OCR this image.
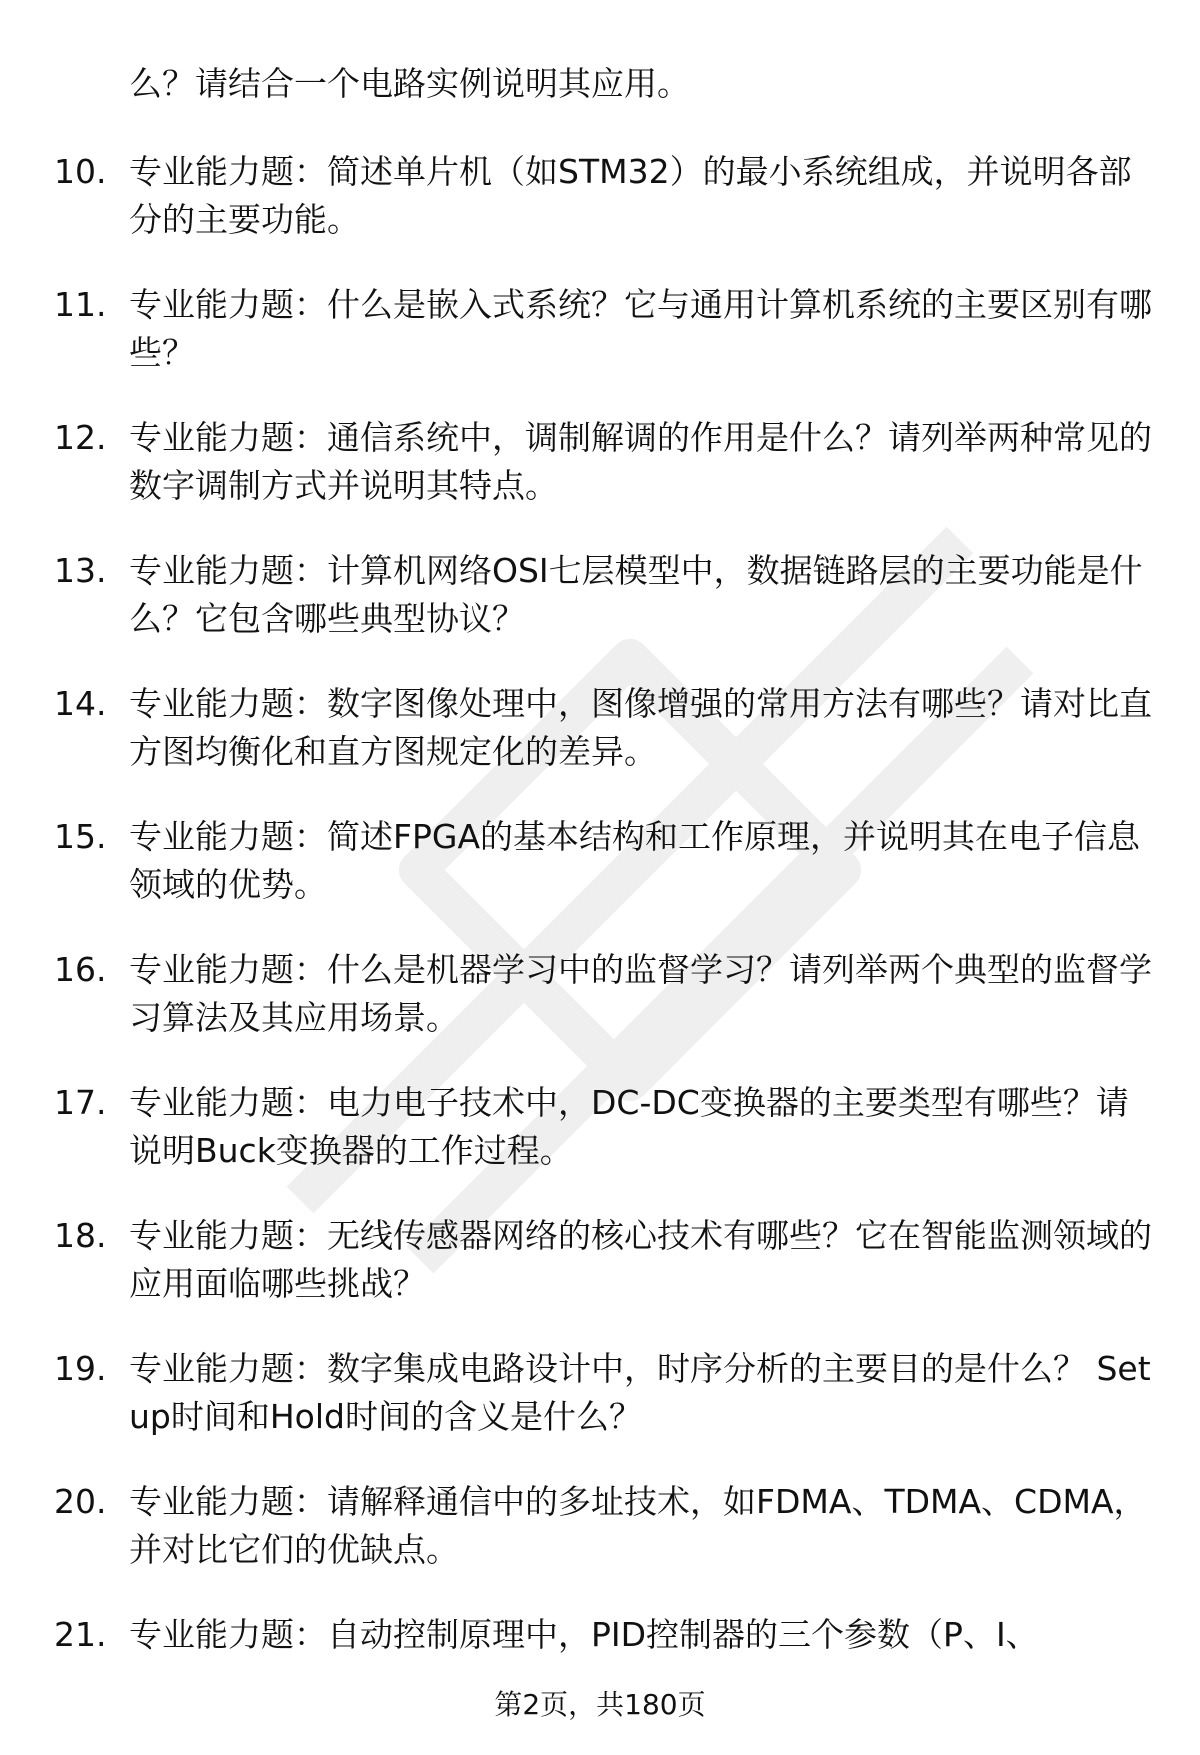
么？请结合一个电路实例说明其应用。
10. 专业能力题：简述单片机（如STM32）的最小系统组成，并说明各部分的主要功能。
11. 专业能力题：什么是嵌入式系统？它与通用计算机系统的主要区别有哪些？
12. 专业能力题：通信系统中，调制解调的作用是什么？请列举两种常见的数字调制方式并说明其特点。
13. 专业能力题：计算机网络OSI七层模型中，数据链路层的主要功能是什么？它包含哪些典型协议？
14. 专业能力题：数字图像处理中，图像增强的常用方法有哪些？请对比直方图均衡化和直方图规定化的差异。
15. 专业能力题：简述FPGA的基本结构和工作原理，并说明其在电子信息领域的优势。
16. 专业能力题：什么是机器学习中的监督学习？请列举两个典型的监督学习算法及其应用场景。
17. 专业能力题：电力电子技术中，DC-DC变换器的主要类型有哪些？请说明Buck变换器的工作过程。
18. 专业能力题：无线传感器网络的核心技术有哪些？它在智能监测领域的应用面临哪些挑战？
19. 专业能力题：数字集成电路设计中，时序分析的主要目的是什么？ Setup时间和Hold时间的含义是什么？
20. 专业能力题：请解释通信中的多址技术，如FDMA、TDMA、CDMA，并对比它们的优缺点。
21. 专业能力题：自动控制原理中，PID控制器的三个参数（P、I、
第2页，共180页
